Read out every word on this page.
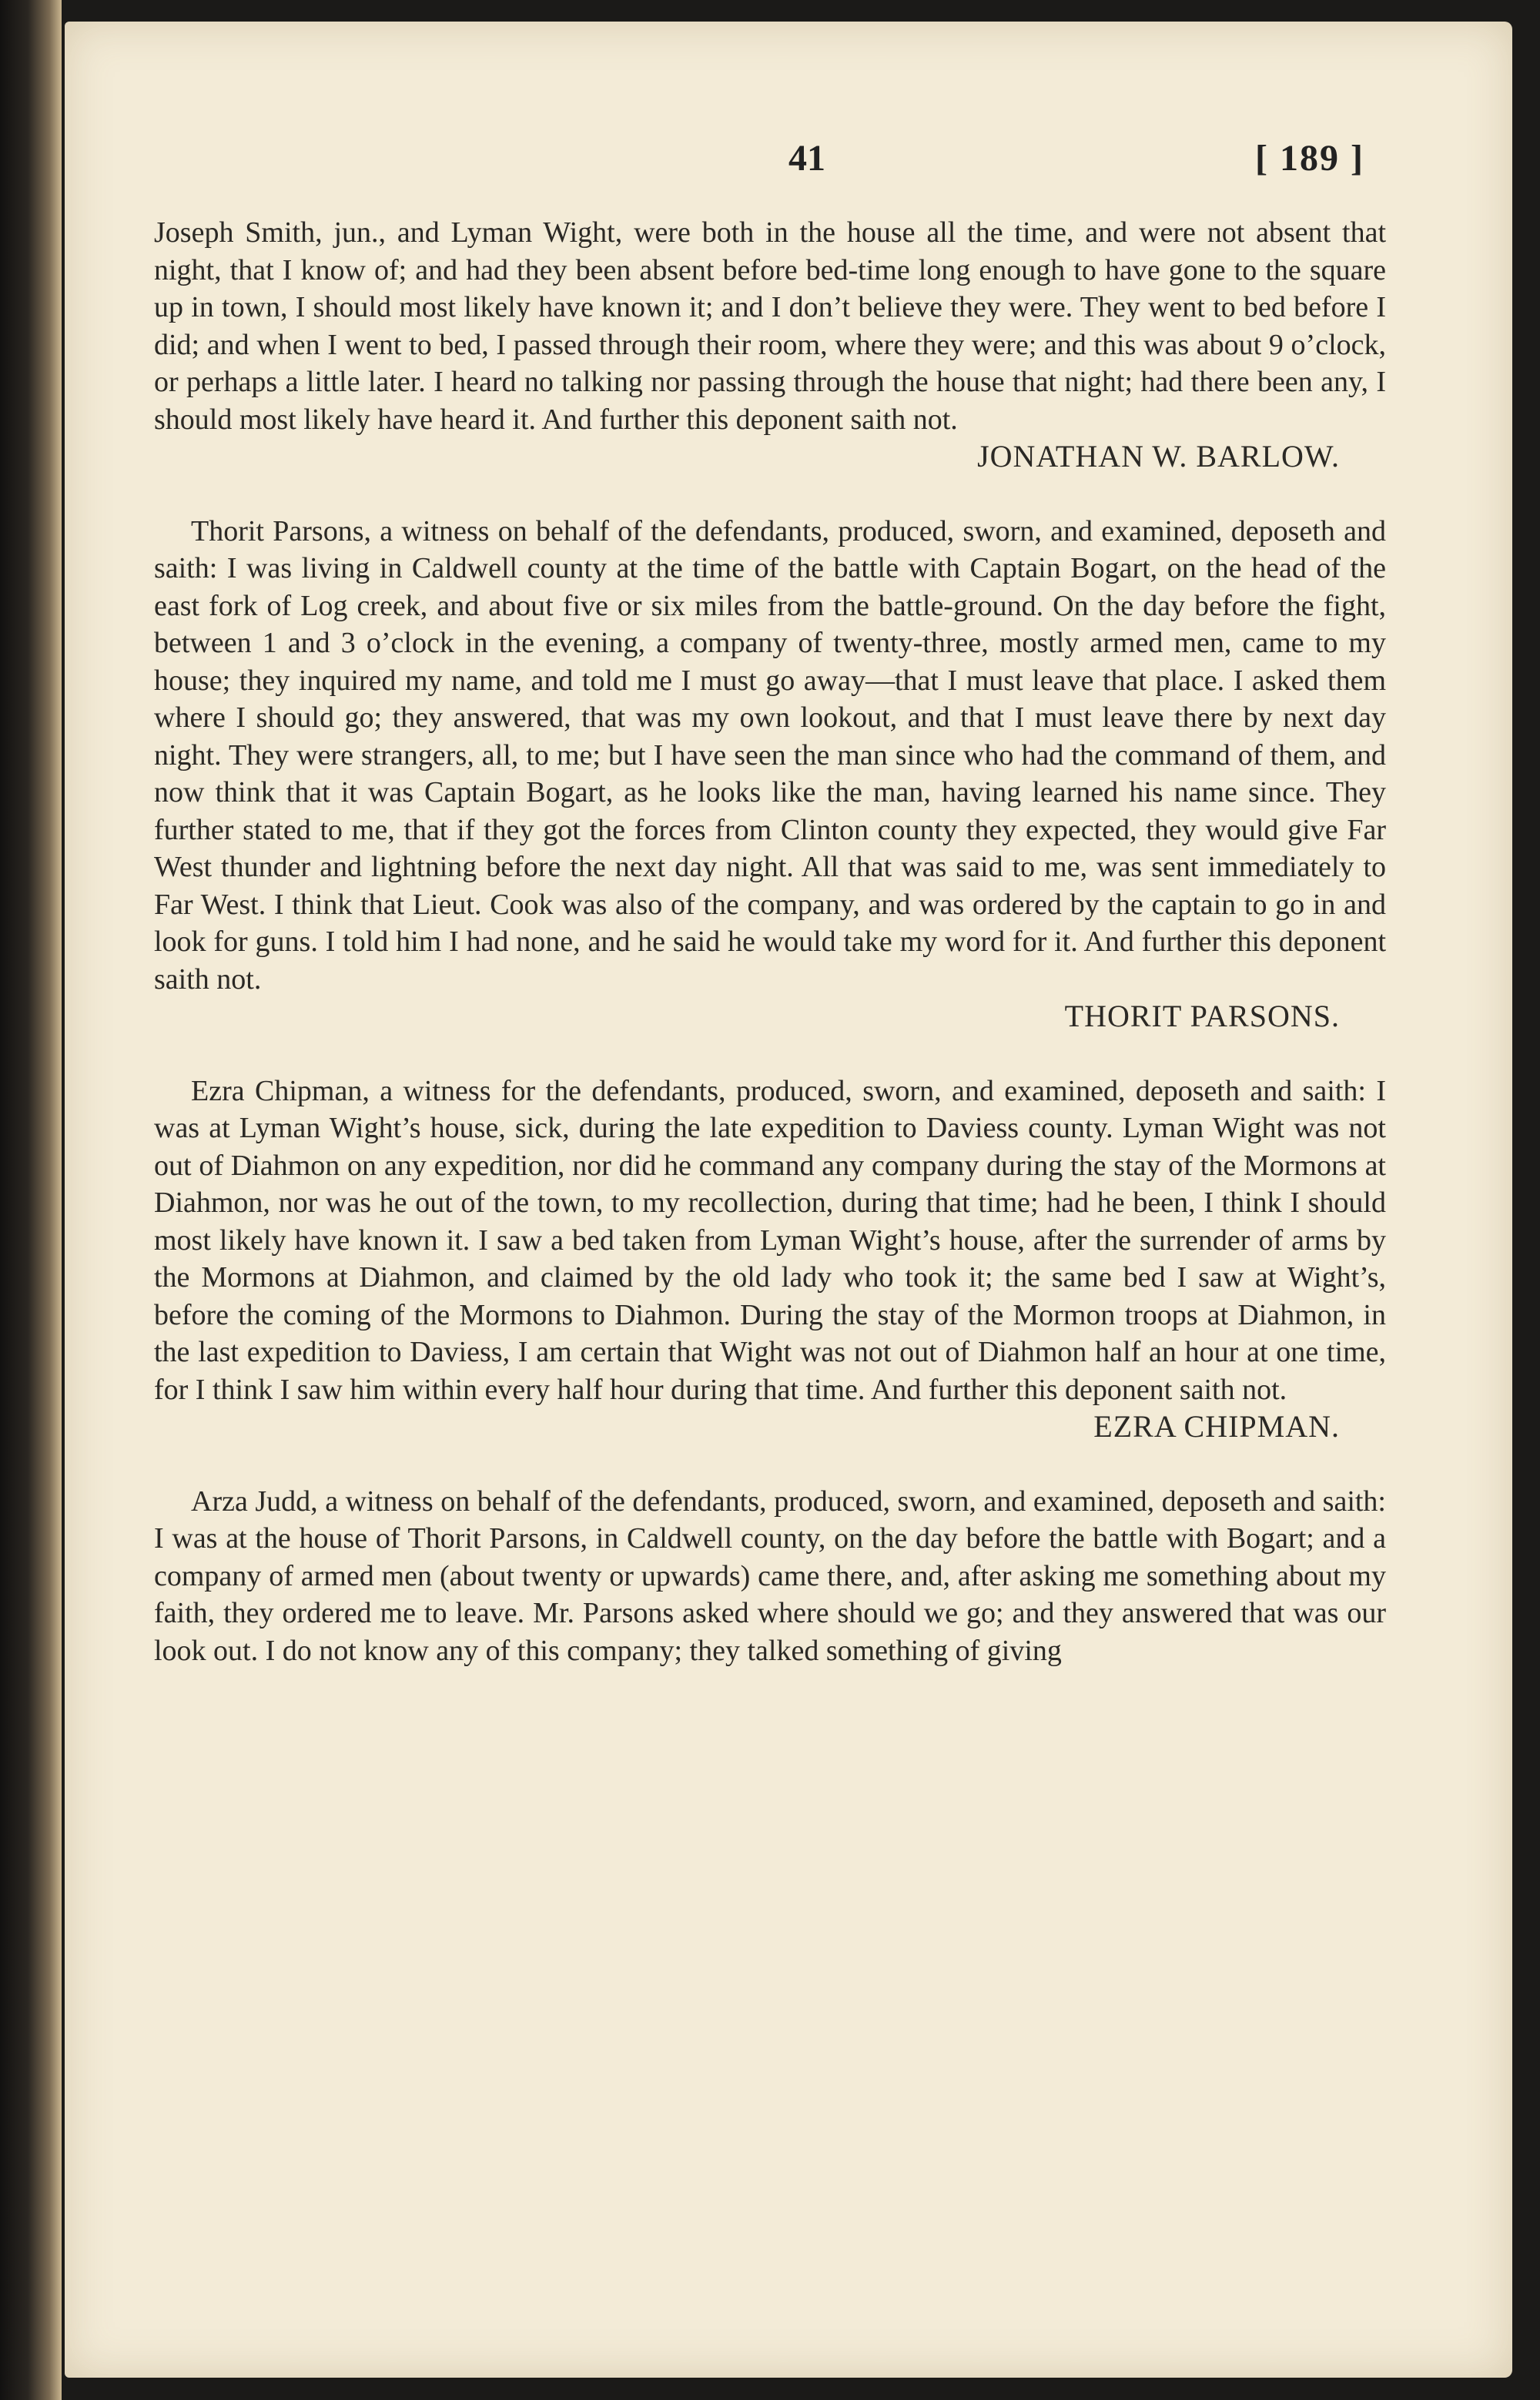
41	[ 189 ]

Joseph Smith, jun., and Lyman Wight, were both in the house all the time, and were not absent that night, that I know of; and had they been absent before bed-time long enough to have gone to the square up in town, I should most likely have known it; and I don’t believe they were. They went to bed before I did; and when I went to bed, I passed through their room, where they were; and this was about 9 o’clock, or perhaps a little later. I heard no talking nor passing through the house that night; had there been any, I should most likely have heard it. And further this deponent saith not.

JONATHAN W. BARLOW.

Thorit Parsons, a witness on behalf of the defendants, produced, sworn, and examined, deposeth and saith: I was living in Caldwell county at the time of the battle with Captain Bogart, on the head of the east fork of Log creek, and about five or six miles from the battle-ground. On the day before the fight, between 1 and 3 o’clock in the evening, a company of twenty-three, mostly armed men, came to my house; they inquired my name, and told me I must go away—that I must leave that place. I asked them where I should go; they answered, that was my own lookout, and that I must leave there by next day night. They were strangers, all, to me; but I have seen the man since who had the command of them, and now think that it was Captain Bogart, as he looks like the man, having learned his name since. They further stated to me, that if they got the forces from Clinton county they expected, they would give Far West thunder and lightning before the next day night. All that was said to me, was sent immediately to Far West. I think that Lieut. Cook was also of the company, and was ordered by the captain to go in and look for guns. I told him I had none, and he said he would take my word for it. And further this deponent saith not.

THORIT PARSONS.

Ezra Chipman, a witness for the defendants, produced, sworn, and examined, deposeth and saith: I was at Lyman Wight’s house, sick, during the late expedition to Daviess county. Lyman Wight was not out of Diahmon on any expedition, nor did he command any company during the stay of the Mormons at Diahmon, nor was he out of the town, to my recollection, during that time; had he been, I think I should most likely have known it. I saw a bed taken from Lyman Wight’s house, after the surrender of arms by the Mormons at Diahmon, and claimed by the old lady who took it; the same bed I saw at Wight’s, before the coming of the Mormons to Diahmon. During the stay of the Mormon troops at Diahmon, in the last expedition to Daviess, I am certain that Wight was not out of Diahmon half an hour at one time, for I think I saw him within every half hour during that time. And further this deponent saith not.

EZRA CHIPMAN.

Arza Judd, a witness on behalf of the defendants, produced, sworn, and examined, deposeth and saith: I was at the house of Thorit Parsons, in Caldwell county, on the day before the battle with Bogart; and a company of armed men (about twenty or upwards) came there, and, after asking me something about my faith, they ordered me to leave. Mr. Parsons asked where should we go; and they answered that was our look out. I do not know any of this company; they talked something of giving
